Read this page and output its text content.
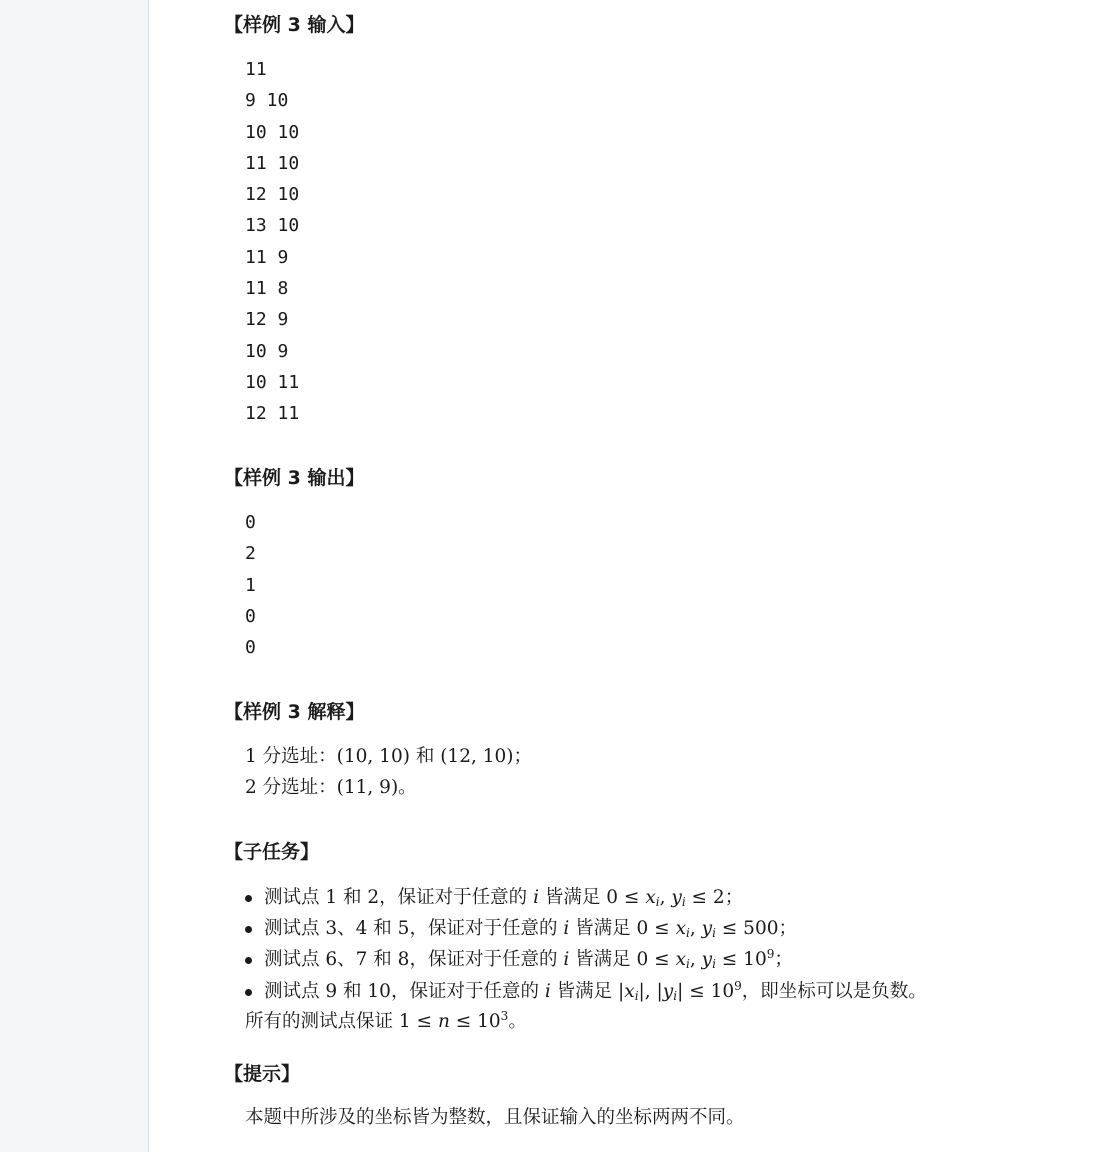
【样例 3 输入】
11
9 10
10 10
11 10
12 10
13 10
11 9
11 8
12 9
10 9
10 11
12 11
【样例 3 输出】
0
2
1
0
0
【样例 3 解释】
1 分选址：(10, 10) 和 (12, 10)；
2 分选址：(11, 9)。
【子任务】
测试点 1 和 2，保证对于任意的 i 皆满足 $0 \le x_i$, $y_i \le 2$；
测试点 3、4 和 5，保证对于任意的 i 皆满足 $0 \le x_i$, $y_i \le 500$；
测试点 6、7 和 8，保证对于任意的 i 皆满足 $0 \le x_i$, $y_i \le 10^9$；
测试点 9 和 10，保证对于任意的 i 皆满足 $|x_i|$, $|y_i| \le 10^9$，即坐标可以是负数。
所有的测试点保证 $1 \le n \le 10^3$。
【提示】
本题中所涉及的坐标皆为整数，且保证输入的坐标两两不同。
